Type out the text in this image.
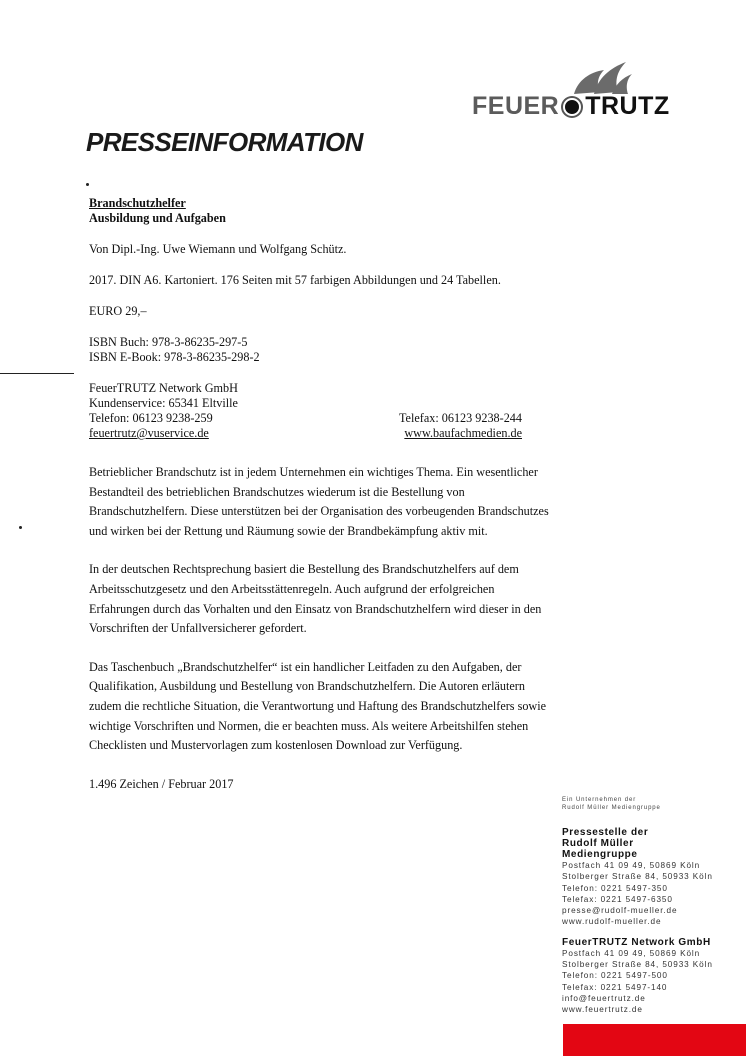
FEUER TRUTZ
PRESSEINFORMATION

Brandschutzhelfer

Ausbildung und Aufgaben

Von Dipl.-Ing. Uwe Wiemann und Wolfgang Schütz.

2017. DIN A6. Kartoniert. 176 Seiten mit 57 farbigen Abbildungen und 24 Tabellen.

EURO 29,–

ISBN Buch: 978-3-86235-297-5

ISBN E-Book: 978-3-86235-298-2

FeuerTRUTZ Network GmbH

Kundenservice: 65341 Eltville

Telefon: 06123 9238-259	Telefax: 06123 9238-244
feuertrutz@vuservice.de	www.baufachmedien.de

Betrieblicher Brandschutz ist in jedem Unternehmen ein wichtiges Thema. Ein wesentlicher Bestandteil des betrieblichen Brandschutzes wiederum ist die Bestellung von Brandschutzhelfern. Diese unterstützen bei der Organisation des vorbeugenden Brandschutzes und wirken bei der Rettung und Räumung sowie der Brandbekämpfung aktiv mit.

In der deutschen Rechtsprechung basiert die Bestellung des Brandschutzhelfers auf dem Arbeitsschutzgesetz und den Arbeitsstättenregeln. Auch aufgrund der erfolgreichen Erfahrungen durch das Vorhalten und den Einsatz von Brandschutzhelfern wird dieser in den Vorschriften der Unfallversicherer gefordert.

Das Taschenbuch „Brandschutzhelfer“ ist ein handlicher Leitfaden zu den Aufgaben, der Qualifikation, Ausbildung und Bestellung von Brandschutzhelfern. Die Autoren erläutern zudem die rechtliche Situation, die Verantwortung und Haftung des Brandschutzhelfers sowie wichtige Vorschriften und Normen, die er beachten muss. Als weitere Arbeitshilfen stehen Checklisten und Mustervorlagen zum kostenlosen Download zur Verfügung.

1.496 Zeichen / Februar 2017

Ein Unternehmen der
Rudolf Müller Mediengruppe
Pressestelle der
Rudolf Müller
Mediengruppe
Postfach 41 09 49, 50869 Köln
Stolberger Straße 84, 50933 Köln
Telefon: 0221 5497-350
Telefax: 0221 5497-6350
presse@rudolf-mueller.de
www.rudolf-mueller.de
FeuerTRUTZ Network GmbH
Postfach 41 09 49, 50869 Köln
Stolberger Straße 84, 50933 Köln
Telefon: 0221 5497-500
Telefax: 0221 5497-140
info@feuertrutz.de
www.feuertrutz.de
